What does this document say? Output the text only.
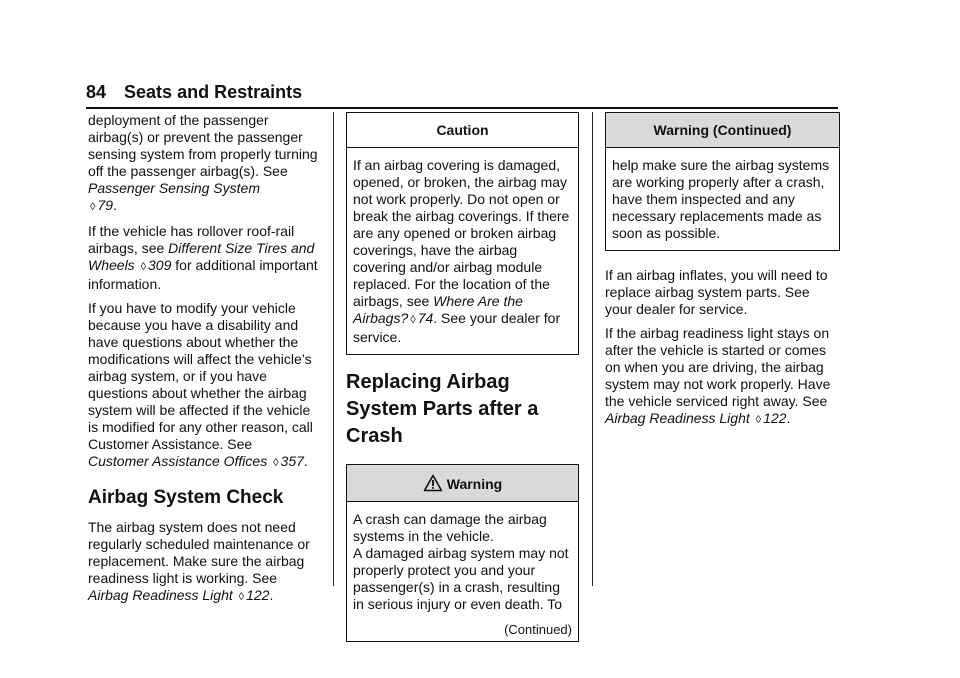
84 Seats and Restraints

deployment of the passenger airbag(s) or prevent the passenger sensing system from properly turning off the passenger airbag(s). See Passenger Sensing System
◊ 79.

If the vehicle has rollover roof-rail airbags, see Different Size Tires and Wheels ◊ 309 for additional important information.

If you have to modify your vehicle because you have a disability and have questions about whether the modifications will affect the vehicle’s airbag system, or if you have questions about whether the airbag system will be affected if the vehicle is modified for any other reason, call Customer Assistance. See
Customer Assistance Offices ◊ 357.

Airbag System Check

The airbag system does not need regularly scheduled maintenance or replacement. Make sure the airbag readiness light is working. See
Airbag Readiness Light ◊ 122.

Caution

If an airbag covering is damaged, opened, or broken, the airbag may not work properly. Do not open or break the airbag coverings. If there are any opened or broken airbag coverings, have the airbag covering and/or airbag module replaced. For the location of the airbags, see Where Are the Airbags? ◊ 74. See your dealer for service.

Replacing Airbag System Parts after a Crash
Warning

A crash can damage the airbag systems in the vehicle.

A damaged airbag system may not properly protect you and your passenger(s) in a crash, resulting in serious injury or even death. To

(Continued)
Warning (Continued)

help make sure the airbag systems are working properly after a crash, have them inspected and any necessary replacements made as soon as possible.

If an airbag inflates, you will need to replace airbag system parts. See your dealer for service.

If the airbag readiness light stays on after the vehicle is started or comes on when you are driving, the airbag system may not work properly. Have the vehicle serviced right away. See
Airbag Readiness Light ◊ 122.
